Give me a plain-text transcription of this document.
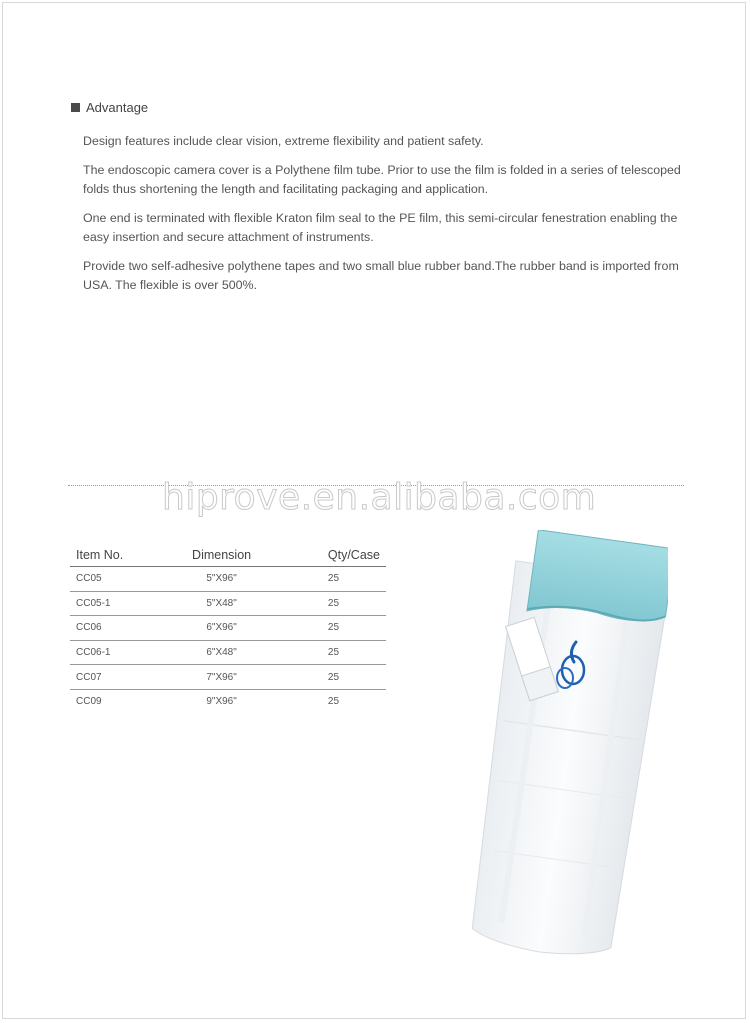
Advantage

Design features include clear vision, extreme flexibility and patient safety.

The endoscopic camera cover is a Polythene film tube. Prior to use the film is folded in a series of telescoped folds thus shortening the length and facilitating packaging and application.

One end is terminated with flexible Kraton film seal to the PE film, this semi-circular fenestration enabling the easy insertion and secure attachment of instruments.

Provide two self-adhesive polythene tapes and two small blue rubber band.The rubber band is imported from USA. The flexible is over 500%.

hiprove.en.alibaba.com
Item No.	Dimension	Qty/Case
CC05	5"X96"	25
CC05-1	5"X48"	25
CC06	6"X96"	25
CC06-1	6"X48"	25
CC07	7"X96"	25
CC09	9"X96"	25
